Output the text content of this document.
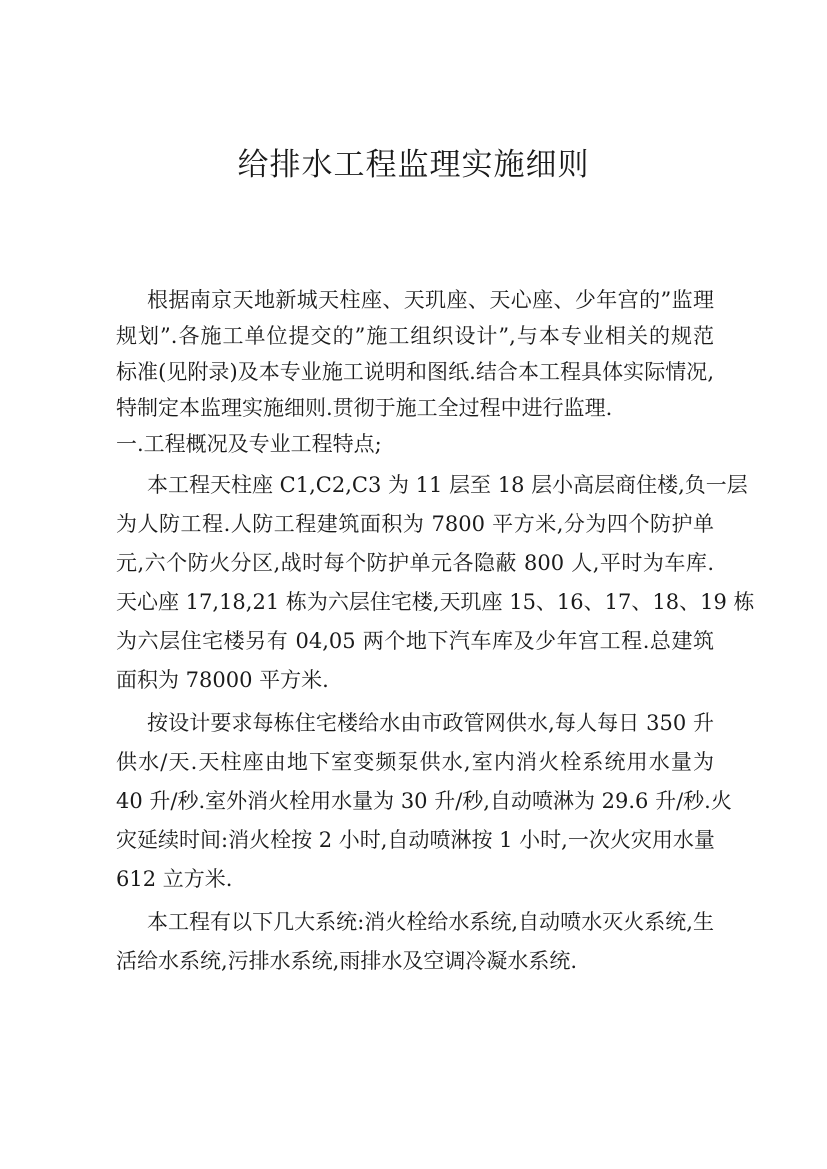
给排水工程监理实施细则
根据南京天地新城天柱座、天玑座、天心座、少年宫的”监理
规划”.各施工单位提交的”施工组织设计”,与本专业相关的规范
标准(见附录)及本专业施工说明和图纸.结合本工程具体实际情况,
特制定本监理实施细则.贯彻于施工全过程中进行监理.
一.工程概况及专业工程特点;
本工程天柱座 C1,C2,C3 为 11 层至 18 层小高层商住楼,负一层
为人防工程.人防工程建筑面积为 7800 平方米,分为四个防护单
元,六个防火分区,战时每个防护单元各隐蔽 800 人,平时为车库.
天心座 17,18,21 栋为六层住宅楼,天玑座 15、16、17、18、19 栋
为六层住宅楼另有 04,05 两个地下汽车库及少年宫工程.总建筑
面积为 78000 平方米.
按设计要求每栋住宅楼给水由市政管网供水,每人每日 350 升
供水/天.天柱座由地下室变频泵供水,室内消火栓系统用水量为
40 升/秒.室外消火栓用水量为 30 升/秒,自动喷淋为 29.6 升/秒.火
灾延续时间:消火栓按 2 小时,自动喷淋按 1 小时,一次火灾用水量
612 立方米.
本工程有以下几大系统:消火栓给水系统,自动喷水灭火系统,生
活给水系统,污排水系统,雨排水及空调冷凝水系统.
